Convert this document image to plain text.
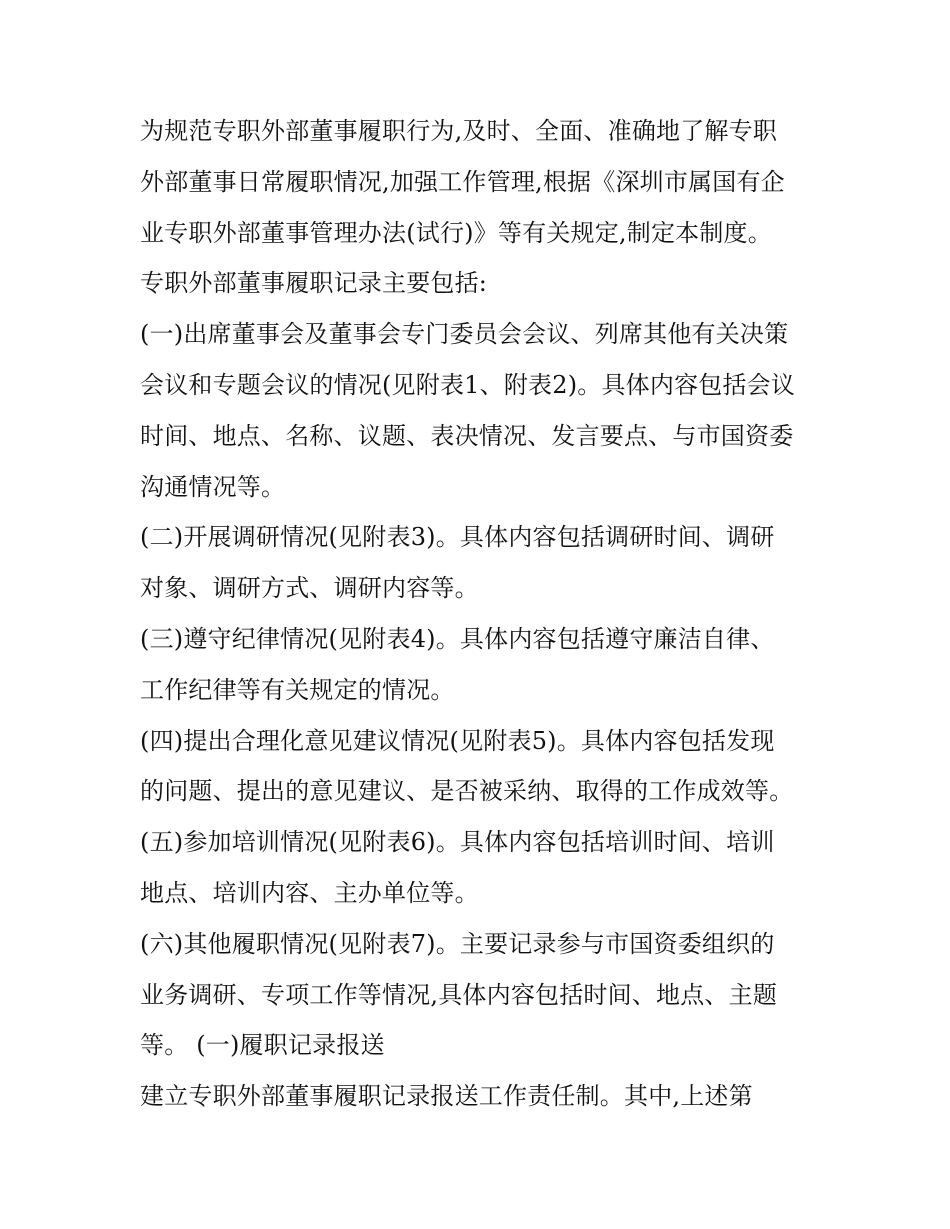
为规范专职外部董事履职行为,及时、全面、准确地了解专职
外部董事日常履职情况,加强工作管理,根据《深圳市属国有企
业专职外部董事管理办法(试行)》等有关规定,制定本制度。
专职外部董事履职记录主要包括:
(一)出席董事会及董事会专门委员会会议、列席其他有关决策
会议和专题会议的情况(见附表1、附表2)。具体内容包括会议
时间、地点、名称、议题、表决情况、发言要点、与市国资委
沟通情况等。
(二)开展调研情况(见附表3)。具体内容包括调研时间、调研
对象、调研方式、调研内容等。
(三)遵守纪律情况(见附表4)。具体内容包括遵守廉洁自律、
工作纪律等有关规定的情况。
(四)提出合理化意见建议情况(见附表5)。具体内容包括发现
的问题、提出的意见建议、是否被采纳、取得的工作成效等。
(五)参加培训情况(见附表6)。具体内容包括培训时间、培训
地点、培训内容、主办单位等。
(六)其他履职情况(见附表7)。主要记录参与市国资委组织的
业务调研、专项工作等情况,具体内容包括时间、地点、主题
等。 (一)履职记录报送
建立专职外部董事履职记录报送工作责任制。其中,上述第
